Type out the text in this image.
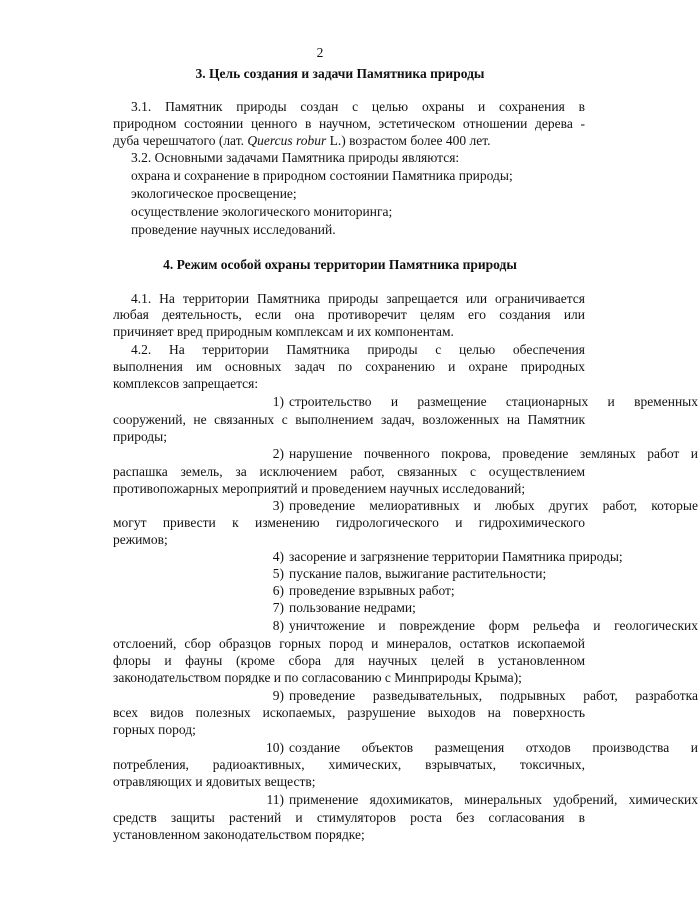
2
3. Цель создания и задачи Памятника природы
3.1. Памятник природы создан с целью охраны и сохранения в
природном состоянии ценного в научном, эстетическом отношении дерева -
дуба черешчатого (лат. Quercus robur L.) возрастом более 400 лет.
3.2. Основными задачами Памятника природы являются:
охрана и сохранение в природном состоянии Памятника природы;
экологическое просвещение;
осуществление экологического мониторинга;
проведение научных исследований.
4. Режим особой охраны территории Памятника природы
4.1. На территории Памятника природы запрещается или ограничивается
любая деятельность, если она противоречит целям его создания или
причиняет вред природным комплексам и их компонентам.
4.2. На территории Памятника природы с целью обеспечения
выполнения им основных задач по сохранению и охране природных
комплексов запрещается:
1) строительство и размещение стационарных и временных
сооружений, не связанных с выполнением задач, возложенных на Памятник
природы;
2) нарушение почвенного покрова, проведение земляных работ и
распашка земель, за исключением работ, связанных с осуществлением
противопожарных мероприятий и проведением научных исследований;
3) проведение мелиоративных и любых других работ, которые
могут привести к изменению гидрологического и гидрохимического
режимов;
4) засорение и загрязнение территории Памятника природы;
5) пускание палов, выжигание растительности;
6) проведение взрывных работ;
7) пользование недрами;
8) уничтожение и повреждение форм рельефа и геологических
отслоений, сбор образцов горных пород и минералов, остатков ископаемой
флоры и фауны (кроме сбора для научных целей в установленном
законодательством порядке и по согласованию с Минприроды Крыма);
9) проведение разведывательных, подрывных работ, разработка
всех видов полезных ископаемых, разрушение выходов на поверхность
горных пород;
10) создание объектов размещения отходов производства и
потребления, радиоактивных, химических, взрывчатых, токсичных,
отравляющих и ядовитых веществ;
11) применение ядохимикатов, минеральных удобрений, химических
средств защиты растений и стимуляторов роста без согласования в
установленном законодательством порядке;
